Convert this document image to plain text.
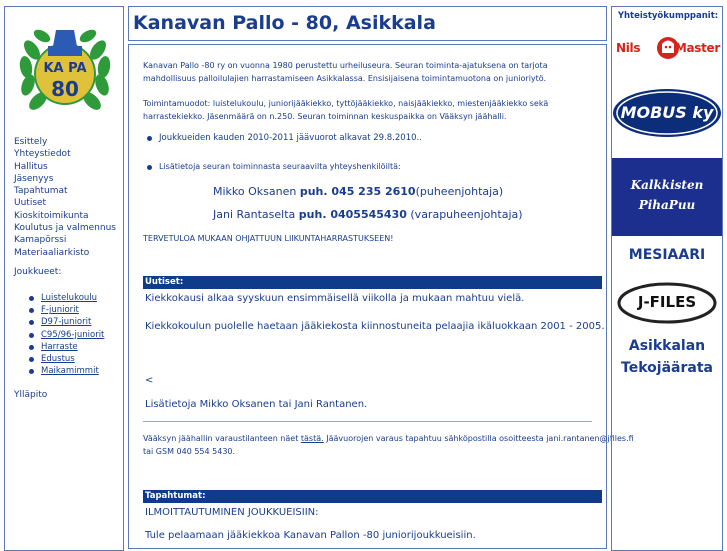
KA PA
80
Esittely
Yhteystiedot
Hallitus
Jäsenyys
Tapahtumat
Uutiset
Kioskitoimikunta
Koulutus ja valmennus
Kamapörssi
Materiaaliarkisto
Joukkueet:
Luistelukoulu
F-juniorit
D97-juniorit
C95/96-juniorit
Harraste
Edustus
Maikamimmit
Ylläpito
Kanavan Pallo - 80, Asikkala
Kanavan Pallo -80 ry on vuonna 1980 perustettu urheiluseura. Seuran toiminta-ajatuksena on tarjota mahdollisuus palloilulajien harrastamiseen Asikkalassa. Ensisijaisena toimintamuotona on junioriytö.
Toimintamuodot: luistelukoulu, juniorijääkiekko, tyttöjääkiekko, naisjääkiekko, miestenjääkiekko sekä harrastekiekko. Jäsenmäärä on n.250. Seuran toiminnan keskuspaikka on Vääksyn jäähalli.
Joukkueiden kauden 2010-2011 jäävuorot alkavat 29.8.2010..
Lisätietoja seuran toiminnasta seuraavilta yhteyshenkilöiltä:
Mikko Oksanen puh. 045 235 2610(puheenjohtaja)
Jani Rantaselta puh. 0405545430 (varapuheenjohtaja)
TERVETULOA MUKAAN OHJATTUUN LIIKUNTAHARRASTUKSEEN!
Uutiset:
Kiekkokausi alkaa syyskuun ensimmäisellä viikolla ja mukaan mahtuu vielä.
Kiekkokoulun puolelle haetaan jääkiekosta kiinnostuneita pelaajia ikäluokkaan 2001 - 2005.
<
Lisätietoja Mikko Oksanen tai Jani Rantanen.
Vääksyn jäähallin varaustilanteen näet tästä. Jäävuorojen varaus tapahtuu sähköpostilla osoitteesta jani.rantanen@jfiles.fi
tai GSM 040 554 5430.
Tapahtumat:
ILMOITTAUTUMINEN JOUKKUEISIIN:
Tule pelaamaan jääkiekkoa Kanavan Pallon -80 juniorijoukkueisiin.
Yhteistyökumppanit:
Nils Master
MOBUS ky
Kalkkisten
PihaPuu
MESIAARI
J-FILES
Asikkalan
Tekojäärata
